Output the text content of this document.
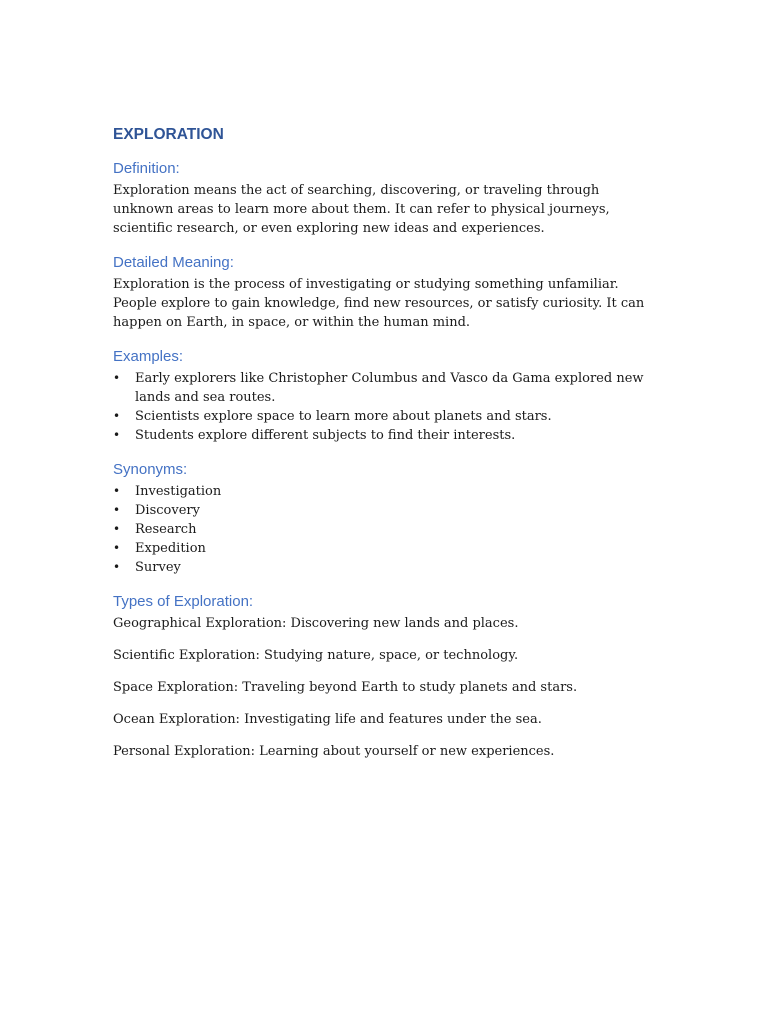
EXPLORATION
Definition:

Exploration means the act of searching, discovering, or traveling through unknown areas to learn more about them. It can refer to physical journeys, scientific research, or even exploring new ideas and experiences.

Detailed Meaning:

Exploration is the process of investigating or studying something unfamiliar. People explore to gain knowledge, find new resources, or satisfy curiosity. It can happen on Earth, in space, or within the human mind.

Examples:
• Early explorers like Christopher Columbus and Vasco da Gama explored new lands and sea routes.
• Scientists explore space to learn more about planets and stars.
• Students explore different subjects to find their interests.
Synonyms:
• Investigation
• Discovery
• Research
• Expedition
• Survey
Types of Exploration:

Geographical Exploration: Discovering new lands and places.

Scientific Exploration: Studying nature, space, or technology.

Space Exploration: Traveling beyond Earth to study planets and stars.

Ocean Exploration: Investigating life and features under the sea.

Personal Exploration: Learning about yourself or new experiences.
